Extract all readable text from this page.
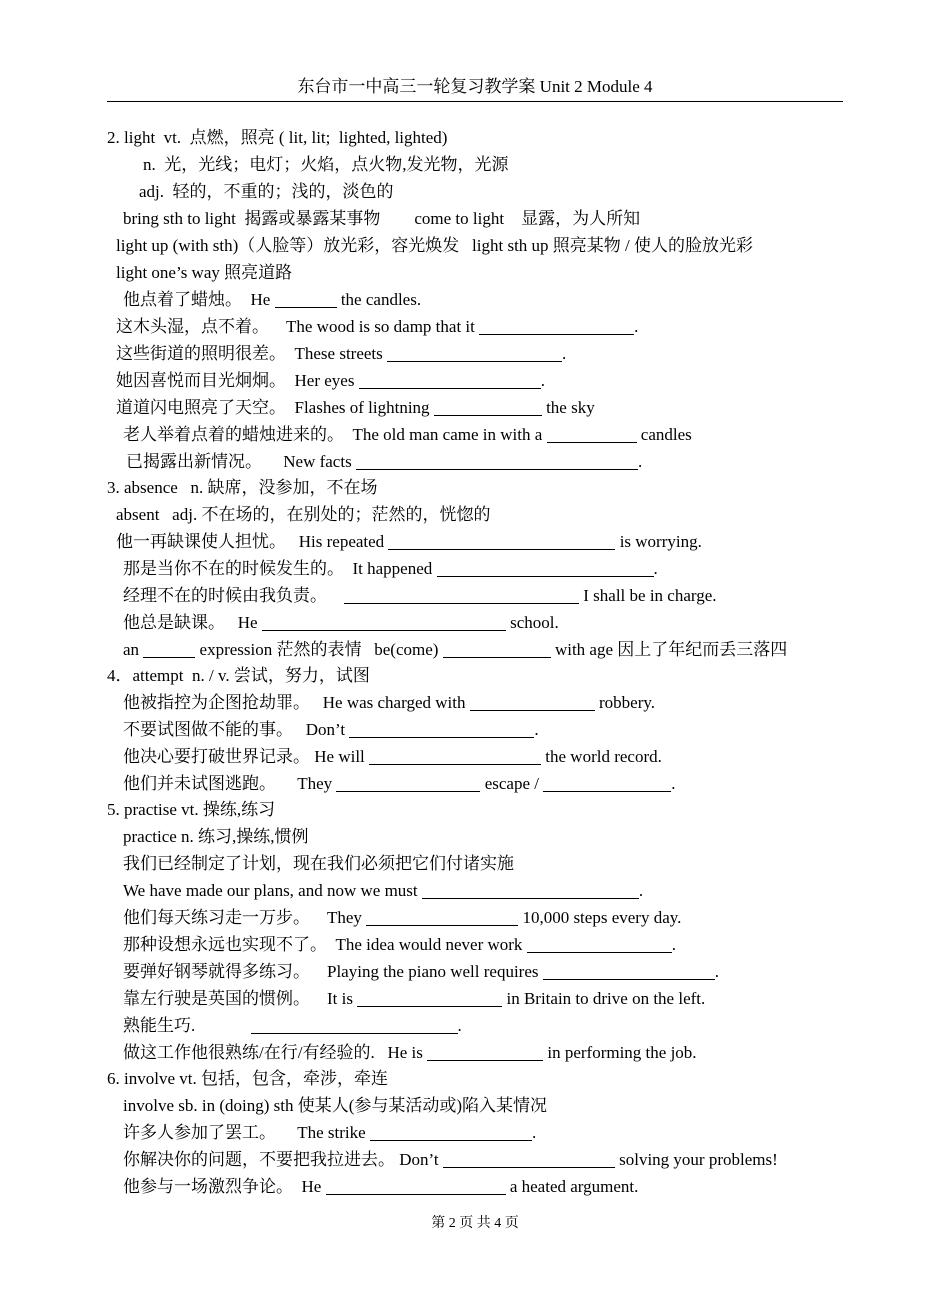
东台市一中高三一轮复习教学案 Unit 2 Module 4
2. light  vt.  点燃，照亮 ( lit, lit;  lighted, lighted)
n.  光，光线；电灯；火焰，点火物,发光物，光源
adj.  轻的，不重的；浅的，淡色的
bring sth to light  揭露或暴露某事物        come to light    显露，为人所知
light up (with sth)（人脸等）放光彩，容光焕发   light sth up 照亮某物 / 使人的脸放光彩
light one’s way 照亮道路
他点着了蜡烛。  He	the candles.
这木头湿，点不着。    The wood is so damp that it	.
这些街道的照明很差。  These streets	.
她因喜悦而目光炯炯。  Her eyes	.
道道闪电照亮了天空。  Flashes of lightning	the sky
老人举着点着的蜡烛进来的。  The old man came in with a	candles
已揭露出新情况。     New facts	.
3. absence   n. 缺席，没参加，不在场
absent   adj. 不在场的，在别处的；茫然的，恍惚的
他一再缺课使人担忧。   His repeated	is worrying.
那是当你不在的时候发生的。  It happened	.
经理不在的时候由我负责。	I shall be in charge.
他总是缺课。   He	school.
an	expression 茫然的表情   be(come)	with age 因上了年纪而丢三落四
4．attempt  n. / v. 尝试，努力，试图
他被指控为企图抢劫罪。   He was charged with	robbery.
不要试图做不能的事。   Don’t	.
他决心要打破世界记录。 He will	the world record.
他们并未试图逃跑。     They	escape /	.
5. practise vt. 操练,练习
practice n. 练习,操练,惯例
我们已经制定了计划，现在我们必须把它们付诸实施
We have made our plans, and now we must	.
他们每天练习走一万步。    They	10,000 steps every day.
那种设想永远也实现不了。  The idea would never work	.
要弹好钢琴就得多练习。    Playing the piano well requires	.
靠左行驶是英国的惯例。    It is	in Britain to drive on the left.
熟能生巧.	.
做这工作他很熟练/在行/有经验的.   He is	in performing the job.
6. involve vt. 包括，包含，牵涉，牵连
involve sb. in (doing) sth 使某人(参与某活动或)陷入某情况
许多人参加了罢工。     The strike	.
你解决你的问题，不要把我拉进去。 Don’t	solving your problems!
他参与一场激烈争论。  He	a heated argument.
第 2 页 共 4 页
